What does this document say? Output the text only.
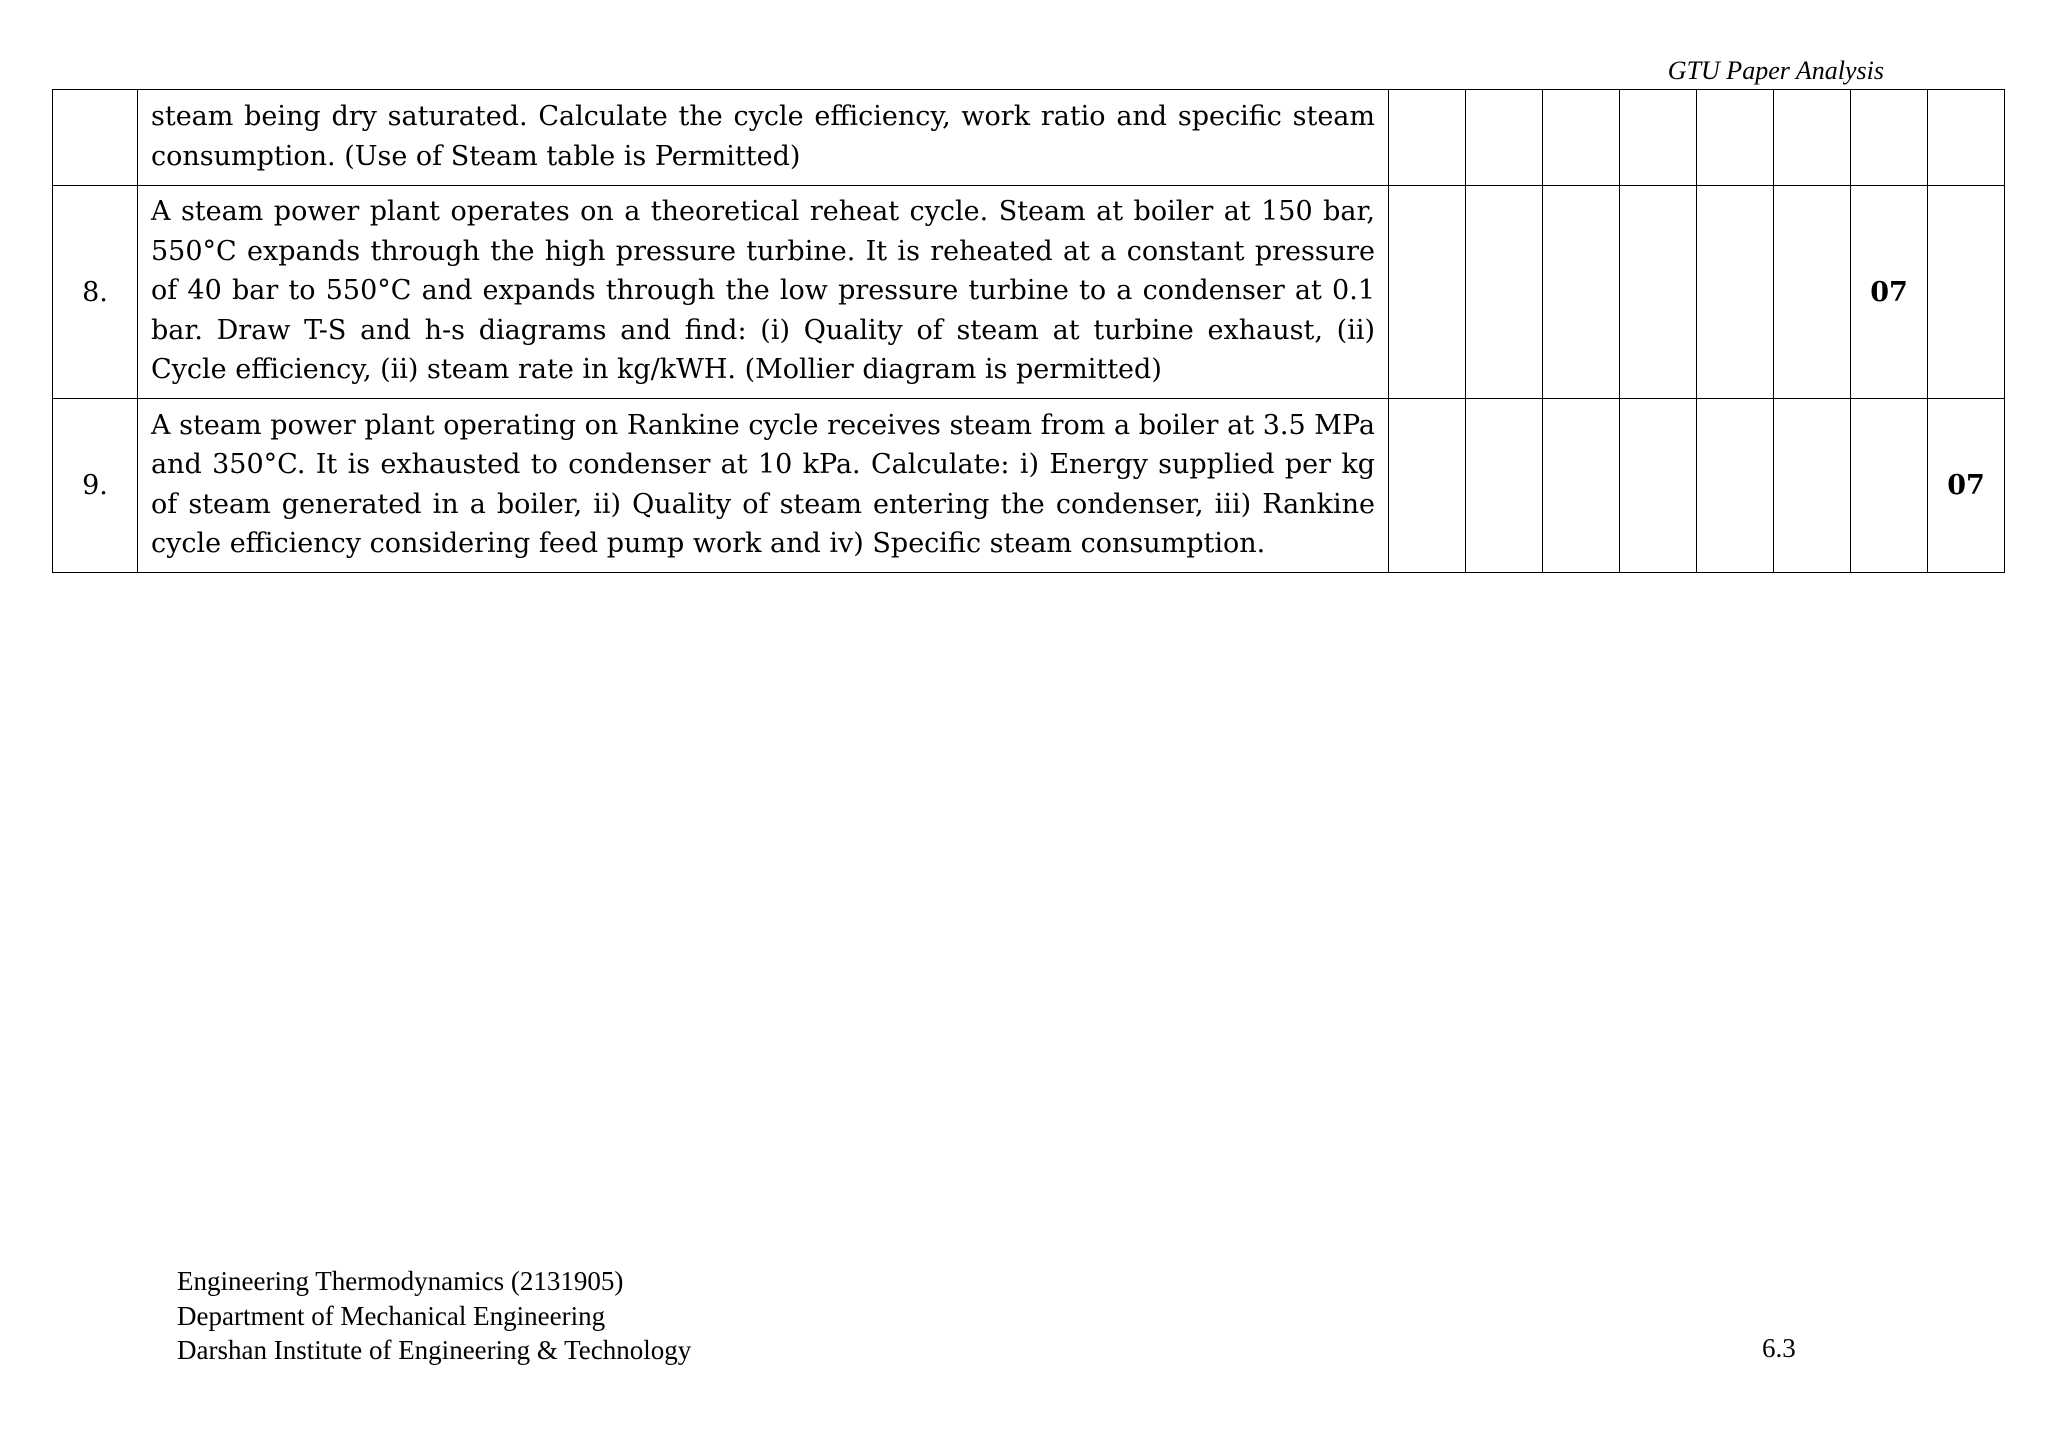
GTU Paper Analysis
	steam being dry saturated. Calculate the cycle efficiency, work ratio and specific steam consumption. (Use of Steam table is Permitted)								
8.	A steam power plant operates on a theoretical reheat cycle. Steam at boiler at 150 bar, 550°C expands through the high pressure turbine. It is reheated at a constant pressure of 40 bar to 550°C and expands through the low pressure turbine to a condenser at 0.1 bar. Draw T-S and h-s diagrams and find: (i) Quality of steam at turbine exhaust, (ii) Cycle efficiency, (ii) steam rate in kg/kWH. (Mollier diagram is permitted)							07	
9.	A steam power plant operating on Rankine cycle receives steam from a boiler at 3.5 MPa and 350°C. It is exhausted to condenser at 10 kPa. Calculate: i) Energy supplied per kg of steam generated in a boiler, ii) Quality of steam entering the condenser, iii) Rankine cycle efficiency considering feed pump work and iv) Specific steam consumption.								07
Engineering Thermodynamics (2131905)
Department of Mechanical Engineering
Darshan Institute of Engineering & Technology	6.3
